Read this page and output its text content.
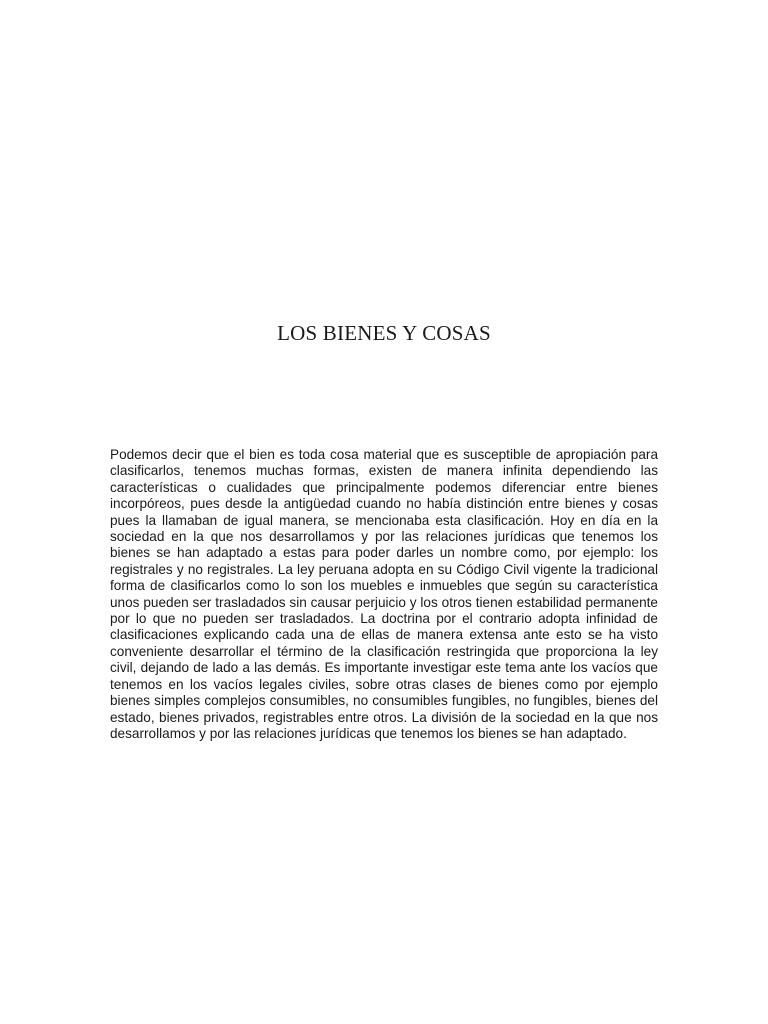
LOS BIENES Y COSAS

Podemos decir que el bien es toda cosa material que es susceptible de apropiación para clasificarlos, tenemos muchas formas, existen de manera infinita dependiendo las características o cualidades que principalmente podemos diferenciar entre bienes incorpóreos, pues desde la antigüedad cuando no había distinción entre bienes y cosas pues la llamaban de igual manera, se mencionaba esta clasificación. Hoy en día en la sociedad en la que nos desarrollamos y por las relaciones jurídicas que tenemos los bienes se han adaptado a estas para poder darles un nombre como, por ejemplo: los registrales y no registrales. La ley peruana adopta en su Código Civil vigente la tradicional forma de clasificarlos como lo son los muebles e inmuebles que según su característica unos pueden ser trasladados sin causar perjuicio y los otros tienen estabilidad permanente por lo que no pueden ser trasladados. La doctrina por el contrario adopta infinidad de clasificaciones explicando cada una de ellas de manera extensa ante esto se ha visto conveniente desarrollar el término de la clasificación restringida que proporciona la ley civil, dejando de lado a las demás. Es importante investigar este tema ante los vacíos que tenemos en los vacíos legales civiles, sobre otras clases de bienes como por ejemplo bienes simples complejos consumibles, no consumibles fungibles, no fungibles, bienes del estado, bienes privados, registrables entre otros. La división de la sociedad en la que nos desarrollamos y por las relaciones jurídicas que tenemos los bienes se han adaptado.
